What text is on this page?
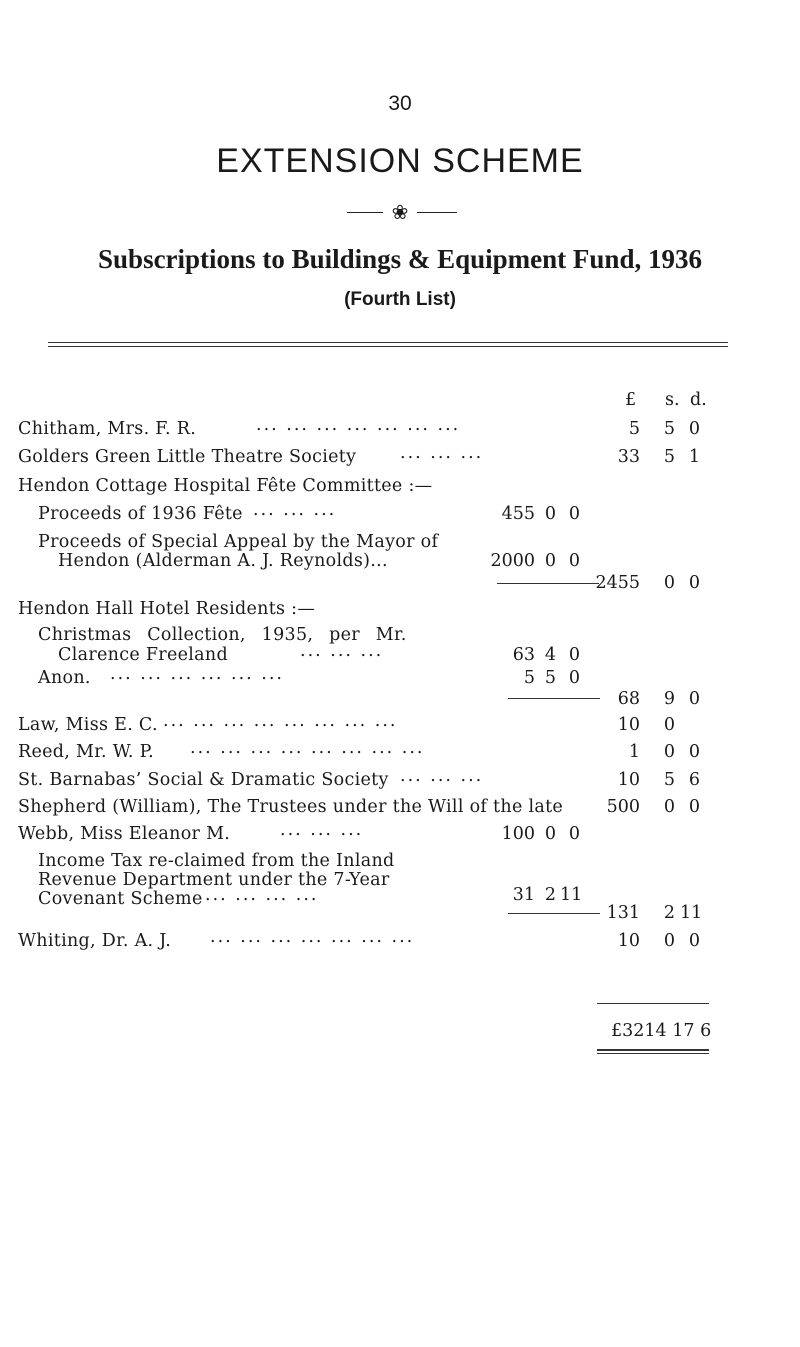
30
EXTENSION SCHEME
❀
Subscriptions to Buildings & Equipment Fund, 1936
(Fourth List)
£ s. d.
Chitham, Mrs. F. R.	... ... ... ... ... ... ...	5	5 0
Golders Green Little Theatre Society ... ... ...	33	5 1
Hendon Cottage Hospital Fête Committee :—
Proceeds of 1936 Fête ... ... ...	455 0 0
Proceeds of Special Appeal by the Mayor of
Hendon (Alderman A. J. Reynolds)...	2000 0 0
2455	0 0
Hendon Hall Hotel Residents :—
Christmas Collection, 1935, per Mr.
Clarence Freeland	... ... ...	63 4 0
Anon. ... ... ... ... ... ...	5 5 0
68	9 0
Law, Miss E. C. ... ... ... ... ... ... ... ...	10	0
Reed, Mr. W. P. ... ... ... ... ... ... ... ...	1	0 0
St. Barnabas’ Social & Dramatic Society ... ... ...	10	5 6
Shepherd (William), The Trustees under the Will of the late	500	0 0
Webb, Miss Eleanor M.	... ... ...	100 0 0
Income Tax re-claimed from the Inland
Revenue Department under the 7-Year
Covenant Scheme ... ... ... ...	31 2 11
131	2 11
Whiting, Dr. A. J. ... ... ... ... ... ... ...	10	0 0
£3214 17 6
